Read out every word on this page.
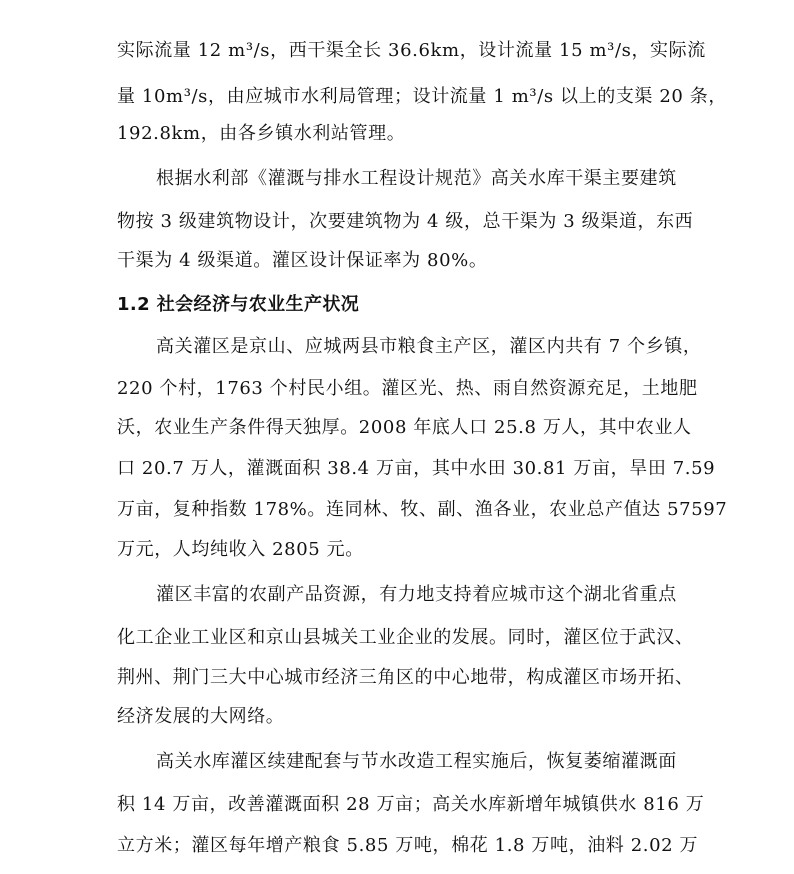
实际流量 12 m³/s，西干渠全长 36.6km，设计流量 15 m³/s，实际流
量 10m³/s，由应城市水利局管理；设计流量 1 m³/s 以上的支渠 20 条，
192.8km，由各乡镇水利站管理。
根据水利部《灌溉与排水工程设计规范》高关水库干渠主要建筑
物按 3 级建筑物设计，次要建筑物为 4 级，总干渠为 3 级渠道，东西
干渠为 4 级渠道。灌区设计保证率为 80%。
1.2 社会经济与农业生产状况
高关灌区是京山、应城两县市粮食主产区，灌区内共有 7 个乡镇，
220 个村，1763 个村民小组。灌区光、热、雨自然资源充足，土地肥
沃，农业生产条件得天独厚。2008 年底人口 25.8 万人，其中农业人
口 20.7 万人，灌溉面积 38.4 万亩，其中水田 30.81 万亩，旱田 7.59
万亩，复种指数 178%。连同林、牧、副、渔各业，农业总产值达 57597
万元，人均纯收入 2805 元。
灌区丰富的农副产品资源，有力地支持着应城市这个湖北省重点
化工企业工业区和京山县城关工业企业的发展。同时，灌区位于武汉、
荆州、荆门三大中心城市经济三角区的中心地带，构成灌区市场开拓、
经济发展的大网络。
高关水库灌区续建配套与节水改造工程实施后，恢复萎缩灌溉面
积 14 万亩，改善灌溉面积 28 万亩；高关水库新增年城镇供水 816 万
立方米；灌区每年增产粮食 5.85 万吨，棉花 1.8 万吨，油料 2.02 万
